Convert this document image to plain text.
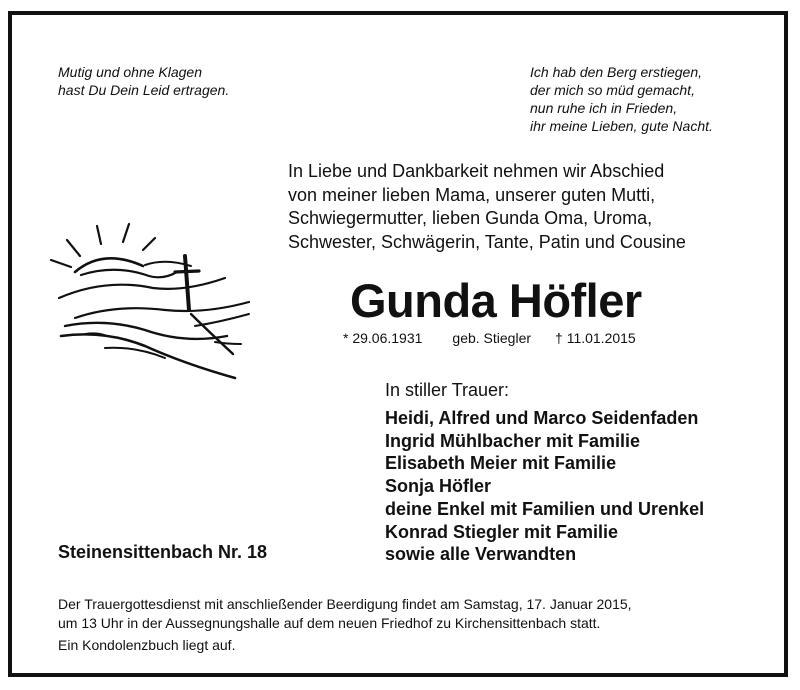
Mutig und ohne Klagen
hast Du Dein Leid ertragen.
Ich hab den Berg erstiegen,
der mich so müd gemacht,
nun ruhe ich in Frieden,
ihr meine Lieben, gute Nacht.
In Liebe und Dankbarkeit nehmen wir Abschied
von meiner lieben Mama, unserer guten Mutti,
Schwiegermutter, lieben Gunda Oma, Uroma,
Schwester, Schwägerin, Tante, Patin und Cousine
Gunda Höfler
* 29.06.1931 geb. Stiegler † 11.01.2015
In stiller Trauer:
Heidi, Alfred und Marco Seidenfaden
Ingrid Mühlbacher mit Familie
Elisabeth Meier mit Familie
Sonja Höfler
deine Enkel mit Familien und Urenkel
Konrad Stiegler mit Familie
sowie alle Verwandten
Steinensittenbach Nr. 18
Der Trauergottesdienst mit anschließender Beerdigung findet am Samstag, 17. Januar 2015,
um 13 Uhr in der Aussegnungshalle auf dem neuen Friedhof zu Kirchensittenbach statt.
Ein Kondolenzbuch liegt auf.
